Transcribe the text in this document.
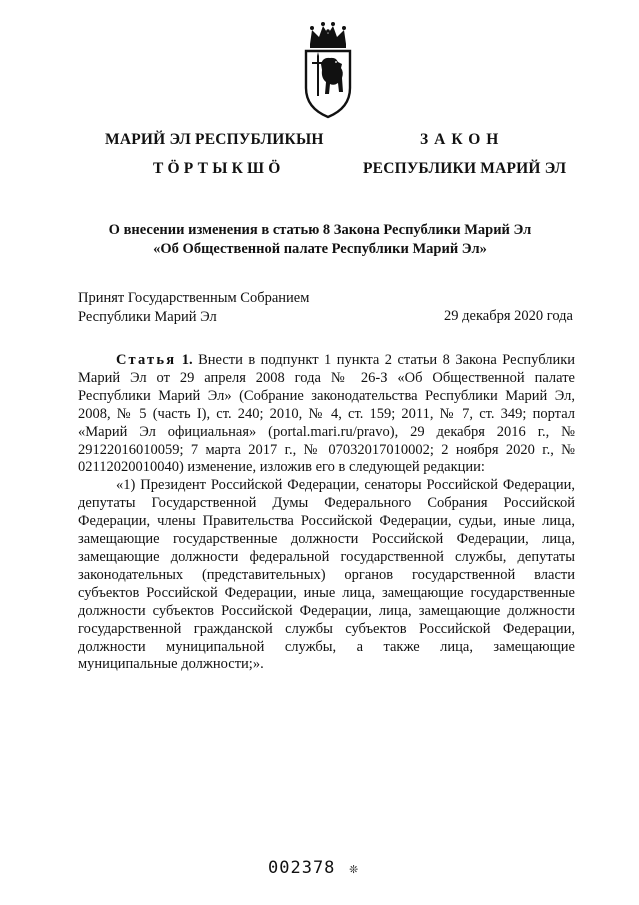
МАРИЙ ЭЛ РЕСПУБЛИКЫН
ТӦРТЫКШӦ
ЗАКОН
РЕСПУБЛИКИ МАРИЙ ЭЛ
О внесении изменения в статью 8 Закона Республики Марий Эл
«Об Общественной палате Республики Марий Эл»
Принят Государственным Собранием
Республики Марий Эл	29 декабря 2020 года

Статья 1. Внести в подпункт 1 пункта 2 статьи 8 Закона Республики Марий Эл от 29 апреля 2008 года № 26-З «Об Общественной палате Республики Марий Эл» (Собрание законодательства Республики Марий Эл, 2008, № 5 (часть I), ст. 240; 2010, № 4, ст. 159; 2011, № 7, ст. 349; портал «Марий Эл официальная» (portal.mari.ru/pravo), 29 декабря 2016 г., № 29122016010059; 7 марта 2017 г., № 07032017010002; 2 ноября 2020 г., № 02112020010040) изменение, изложив его в следующей редакции:

«1) Президент Российской Федерации, сенаторы Российской Федерации, депутаты Государственной Думы Федерального Собрания Российской Федерации, члены Правительства Российской Федерации, судьи, иные лица, замещающие государственные должности Российской Федерации, лица, замещающие должности федеральной государственной службы, депутаты законодательных (представительных) органов государственной власти субъектов Российской Федерации, иные лица, замещающие государственные должности субъектов Российской Федерации, лица, замещающие должности государственной гражданской службы субъектов Российской Федерации, должности муниципальной службы, а также лица, замещающие муниципальные должности;».

002378 ❊
